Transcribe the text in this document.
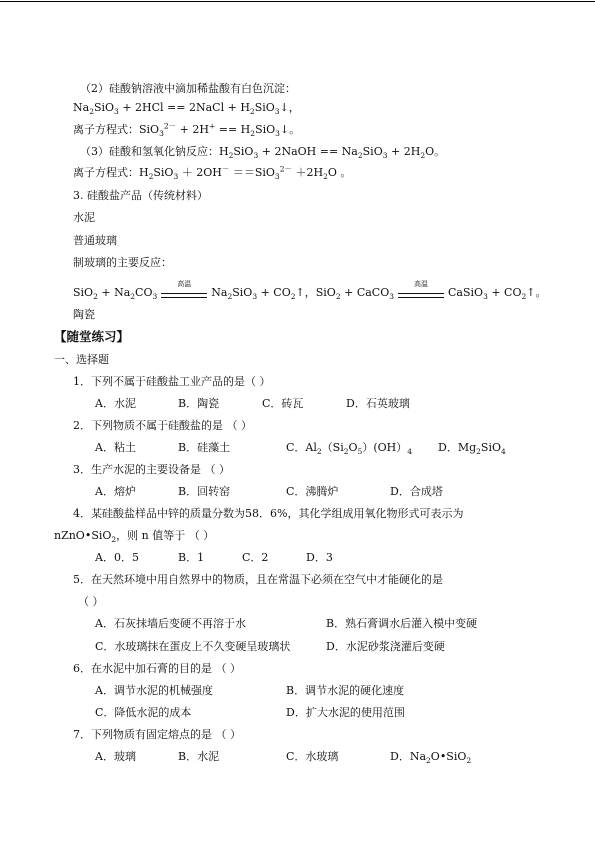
（2）硅酸钠溶液中滴加稀盐酸有白色沉淀：
$Na_2SiO_3 + 2HCl$ == 2NaCl + $H_2SiO_3↓$，
离子方程式：$SiO_3^{2-} + 2H^+ == H_2SiO_3↓$。
（3）硅酸和氢氧化钠反应：$H_2SiO_3$ + 2NaOH == $Na_2SiO_3 + 2H_2O$。
离子方程式：$H_2SiO_3 + 2OH^- ==SiO_3^{2-} +2H_2O$ 。
3. 硅酸盐产品（传统材料）
水泥
普通玻璃
制玻璃的主要反应：
$SiO_2 + Na_2CO_3$
高温
$Na_2SiO_3$ + $CO_2↑$，SiO$_2$ + CaCO$_3$
高温
CaSiO$_3$ + $CO_2↑$。
陶瓷
【随堂练习】
一、选择题
1．下列不属于硅酸盐工业产品的是（ ）
A．水泥	B．陶瓷	C．砖瓦	D．石英玻璃
2．下列物质不属于硅酸盐的是 （ ）
A．粘土	B．硅藻土	C．$Al_2(Si_2O_5)(OH)_4$ D．$Mg_2SiO_4$
3．生产水泥的主要设备是 （ ）
A．熔炉	B．回转窑	C．沸腾炉	D．合成塔
4．某硅酸盐样品中锌的质量分数为58．6%，其化学组成用氧化物形式可表示为
nZnO•SiO$_2$，则 n 值等于 （ ）
A．0．5	B．1	C．2	D．3
5．在天然环境中用自然界中的物质，且在常温下必须在空气中才能硬化的是
（ ）
A．石灰抹墙后变硬不再溶于水	B．熟石膏调水后灌入模中变硬
C．水玻璃抹在蛋皮上不久变硬呈玻璃状	D．水泥砂浆浇灌后变硬
6．在水泥中加石膏的目的是 （ ）
A．调节水泥的机械强度	B．调节水泥的硬化速度
C．降低水泥的成本	D．扩大水泥的使用范围
7．下列物质有固定熔点的是 （ ）
A．玻璃	B．水泥	C．水玻璃	D．$Na_2O•SiO_2$
